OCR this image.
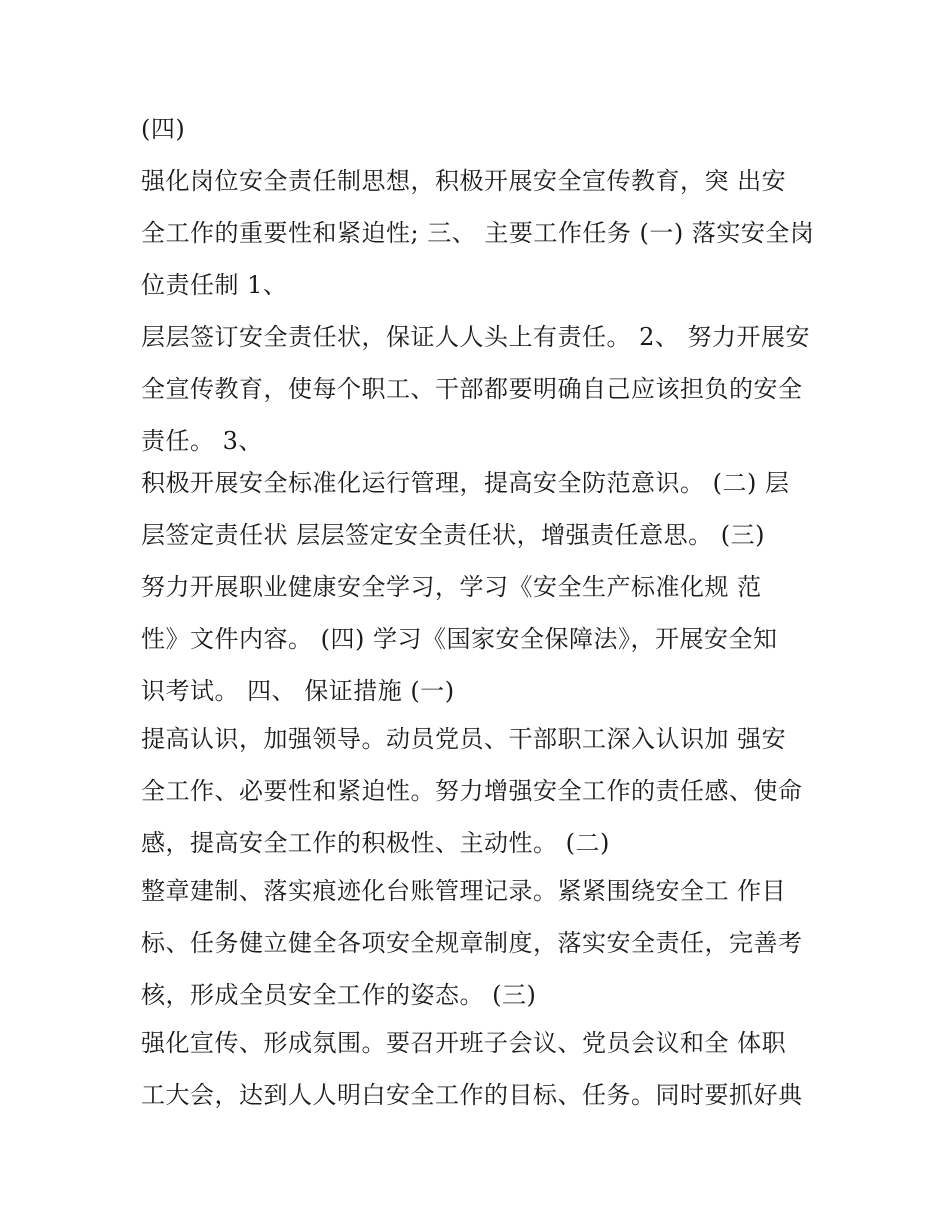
(四)
强化岗位安全责任制思想，积极开展安全宣传教育，突 出安
全工作的重要性和紧迫性; 三、 主要工作任务 (一) 落实安全岗
位责任制 1、
层层签订安全责任状，保证人人头上有责任。 2、 努力开展安
全宣传教育，使每个职工、干部都要明确自己应该担负的安全
责任。 3、
积极开展安全标准化运行管理，提高安全防范意识。 (二) 层
层签定责任状 层层签定安全责任状，增强责任意思。 (三)
努力开展职业健康安全学习，学习《安全生产标准化规 范
性》文件内容。 (四) 学习《国家安全保障法》，开展安全知
识考试。 四、 保证措施 (一)
提高认识，加强领导。动员党员、干部职工深入认识加 强安
全工作、必要性和紧迫性。努力增强安全工作的责任感、使命
感，提高安全工作的积极性、主动性。 (二)
整章建制、落实痕迹化台账管理记录。紧紧围绕安全工 作目
标、任务健立健全各项安全规章制度，落实安全责任，完善考
核，形成全员安全工作的姿态。 (三)
强化宣传、形成氛围。要召开班子会议、党员会议和全 体职
工大会，达到人人明白安全工作的目标、任务。同时要抓好典
